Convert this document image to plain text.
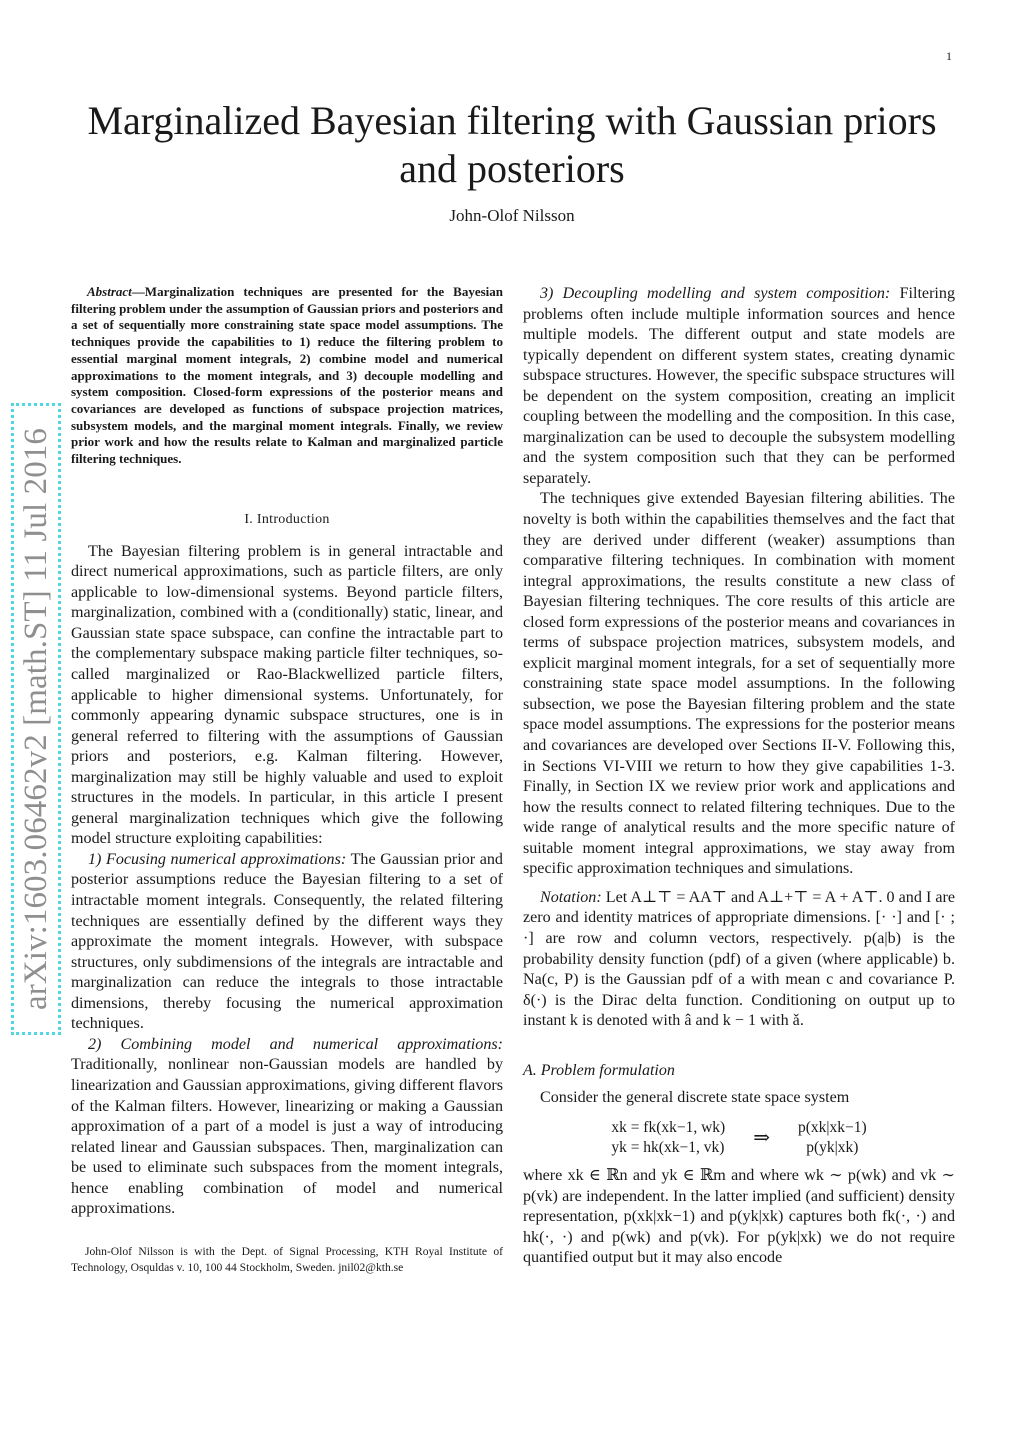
1
arXiv:1603.06462v2 [math.ST] 11 Jul 2016
Marginalized Bayesian filtering with Gaussian priors and posteriors
John-Olof Nilsson

Abstract—Marginalization techniques are presented for the Bayesian filtering problem under the assumption of Gaussian priors and posteriors and a set of sequentially more constraining state space model assumptions. The techniques provide the capabilities to 1) reduce the filtering problem to essential marginal moment integrals, 2) combine model and numerical approximations to the moment integrals, and 3) decouple modelling and system composition. Closed-form expressions of the posterior means and covariances are developed as functions of subspace projection matrices, subsystem models, and the marginal moment integrals. Finally, we review prior work and how the results relate to Kalman and marginalized particle filtering techniques.

I. Introduction

The Bayesian filtering problem is in general intractable and direct numerical approximations, such as particle filters, are only applicable to low-dimensional systems. Beyond particle filters, marginalization, combined with a (conditionally) static, linear, and Gaussian state space subspace, can confine the intractable part to the complementary subspace making particle filter techniques, so-called marginalized or Rao-Blackwellized particle filters, applicable to higher dimensional systems. Unfortunately, for commonly appearing dynamic subspace structures, one is in general referred to filtering with the assumptions of Gaussian priors and posteriors, e.g. Kalman filtering. However, marginalization may still be highly valuable and used to exploit structures in the models. In particular, in this article I present general marginalization techniques which give the following model structure exploiting capabilities:

1) Focusing numerical approximations: The Gaussian prior and posterior assumptions reduce the Bayesian filtering to a set of intractable moment integrals. Consequently, the related filtering techniques are essentially defined by the different ways they approximate the moment integrals. However, with subspace structures, only subdimensions of the integrals are intractable and marginalization can reduce the integrals to those intractable dimensions, thereby focusing the numerical approximation techniques.

2) Combining model and numerical approximations: Traditionally, nonlinear non-Gaussian models are handled by linearization and Gaussian approximations, giving different flavors of the Kalman filters. However, linearizing or making a Gaussian approximation of a part of a model is just a way of introducing related linear and Gaussian subspaces. Then, marginalization can be used to eliminate such subspaces from the moment integrals, hence enabling combination of model and numerical approximations.

John-Olof Nilsson is with the Dept. of Signal Processing, KTH Royal Institute of Technology, Osquldas v. 10, 100 44 Stockholm, Sweden. jnil02@kth.se

3) Decoupling modelling and system composition: Filtering problems often include multiple information sources and hence multiple models. The different output and state models are typically dependent on different system states, creating dynamic subspace structures. However, the specific subspace structures will be dependent on the system composition, creating an implicit coupling between the modelling and the composition. In this case, marginalization can be used to decouple the subsystem modelling and the system composition such that they can be performed separately.

The techniques give extended Bayesian filtering abilities. The novelty is both within the capabilities themselves and the fact that they are derived under different (weaker) assumptions than comparative filtering techniques. In combination with moment integral approximations, the results constitute a new class of Bayesian filtering techniques. The core results of this article are closed form expressions of the posterior means and covariances in terms of subspace projection matrices, subsystem models, and explicit marginal moment integrals, for a set of sequentially more constraining state space model assumptions. In the following subsection, we pose the Bayesian filtering problem and the state space model assumptions. The expressions for the posterior means and covariances are developed over Sections II-V. Following this, in Sections VI-VIII we return to how they give capabilities 1-3. Finally, in Section IX we review prior work and applications and how the results connect to related filtering techniques. Due to the wide range of analytical results and the more specific nature of suitable moment integral approximations, we stay away from specific approximation techniques and simulations.

Notation: Let A⊥⊤ = AA⊤ and A⊥+⊤ = A + A⊤. 0 and I are zero and identity matrices of appropriate dimensions. [· ·] and [· ; ·] are row and column vectors, respectively. p(a|b) is the probability density function (pdf) of a given (where applicable) b. Na(c, P) is the Gaussian pdf of a with mean c and covariance P. δ(·) is the Dirac delta function. Conditioning on output up to instant k is denoted with â and k − 1 with ǎ.

A. Problem formulation

Consider the general discrete state space system

xk = fk(xk−1, wk)
yk = hk(xk−1, vk) ⇒ p(xk|xk−1)
p(yk|xk)

where xk ∈ ℝn and yk ∈ ℝm and where wk ∼ p(wk) and vk ∼ p(vk) are independent. In the latter implied (and sufficient) density representation, p(xk|xk−1) and p(yk|xk) captures both fk(·, ·) and hk(·, ·) and p(wk) and p(vk). For p(yk|xk) we do not require quantified output but it may also encode
